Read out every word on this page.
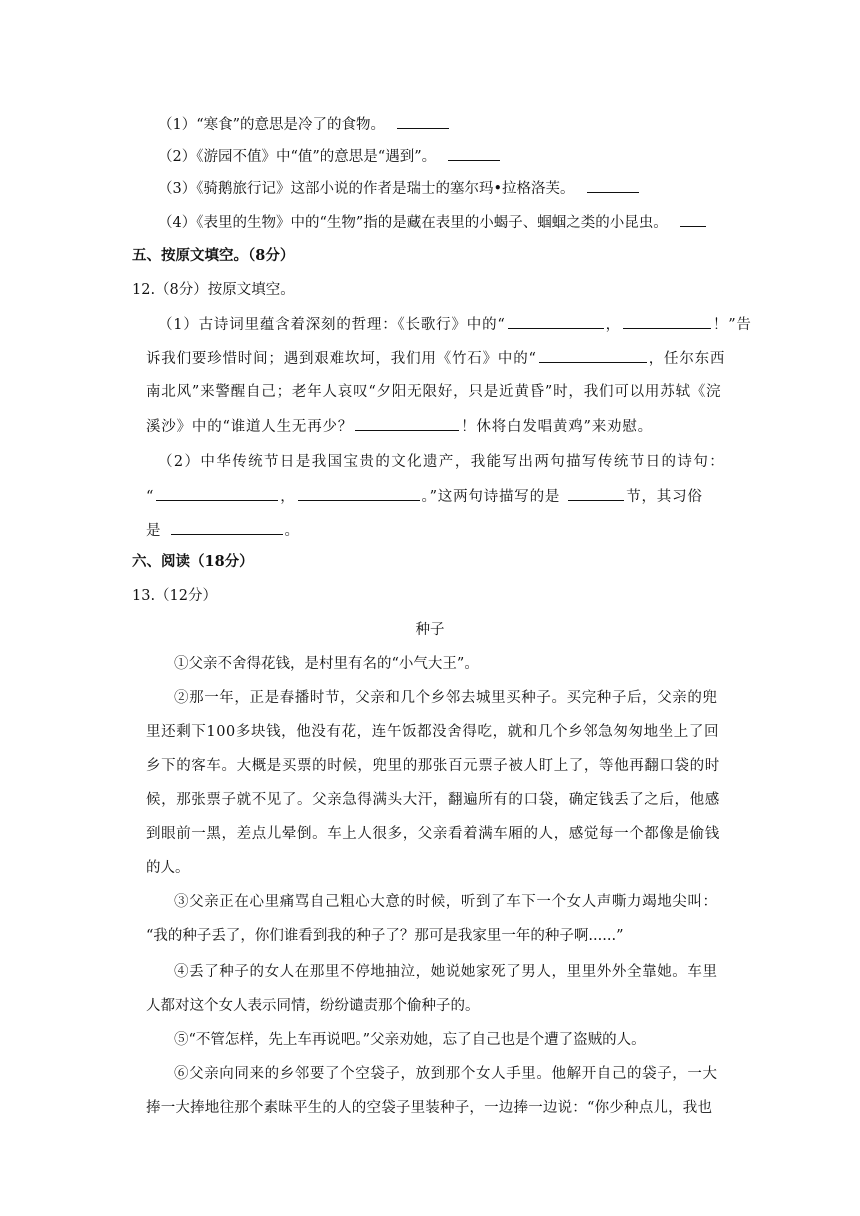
（1）“寒食”的意思是冷了的食物。
（2）《游园不值》中“值”的意思是“遇到”。
（3）《骑鹅旅行记》这部小说的作者是瑞士的塞尔玛•拉格洛芙。
（4）《表里的生物》中的“生物”指的是藏在表里的小蝎子、蝈蝈之类的小昆虫。
五、按原文填空。（8分）
12.（8分）按原文填空。
（1）古诗词里蕴含着深刻的哲理：《长歌行》中的“	，	！”告
诉我们要珍惜时间；遇到艰难坎坷，我们用《竹石》中的“	，任尔东西
南北风”来警醒自己；老年人哀叹“夕阳无限好，只是近黄昏”时，我们可以用苏轼《浣
溪沙》中的“谁道人生无再少？	！休将白发唱黄鸡”来劝慰。
（2）中华传统节日是我国宝贵的文化遗产，我能写出两句描写传统节日的诗句：
“	，	。”这两句诗描写的是	节，其习俗
是	。
六、阅读（18分）
13.（12分）
种子
①父亲不舍得花钱，是村里有名的“小气大王”。
②那一年，正是春播时节，父亲和几个乡邻去城里买种子。买完种子后，父亲的兜
里还剩下100多块钱，他没有花，连午饭都没舍得吃，就和几个乡邻急匆匆地坐上了回
乡下的客车。大概是买票的时候，兜里的那张百元票子被人盯上了，等他再翻口袋的时
候，那张票子就不见了。父亲急得满头大汗，翻遍所有的口袋，确定钱丢了之后，他感
到眼前一黑，差点儿晕倒。车上人很多，父亲看着满车厢的人，感觉每一个都像是偷钱
的人。
③父亲正在心里痛骂自己粗心大意的时候，听到了车下一个女人声嘶力竭地尖叫：
“我的种子丢了，你们谁看到我的种子了？那可是我家里一年的种子啊......”
④丢了种子的女人在那里不停地抽泣，她说她家死了男人，里里外外全靠她。车里
人都对这个女人表示同情，纷纷谴责那个偷种子的。
⑤“不管怎样，先上车再说吧。”父亲劝她，忘了自己也是个遭了盗贼的人。
⑥父亲向同来的乡邻要了个空袋子，放到那个女人手里。他解开自己的袋子，一大
捧一大捧地往那个素昧平生的人的空袋子里装种子，一边捧一边说：“你少种点儿，我也
